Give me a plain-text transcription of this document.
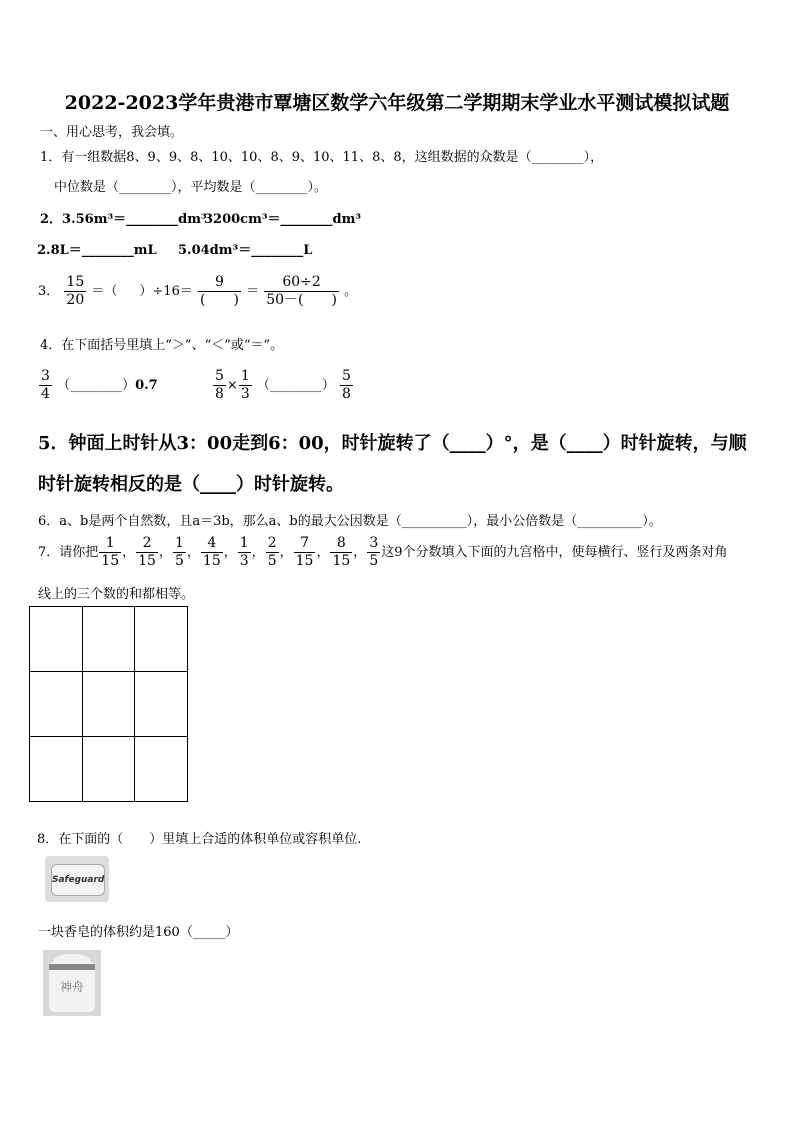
2022-2023学年贵港市覃塘区数学六年级第二学期期末学业水平测试模拟试题
一、用心思考，我会填。
1．有一组数据8、9、9、8、10、10、8、9、10、11、8、8，这组数据的众数是（________），
中位数是（________），平均数是（________）。
2．3.56m³＝________dm³
3200cm³＝________dm³
2.8L＝________mL 5.04dm³＝________L
3． $\frac{15}{20}$ ＝（ ）$\div 16= \frac{9}{( )} = \frac{60\div 2}{50-( )}$ 。
4．在下面括号里填上“＞”、“＜”或“＝”。
$\frac{3}{4}$ （________）0.7	$\frac{5}{8} \times \frac{1}{3}$ （________） $\frac{5}{8}$
5．钟面上时针从3：00走到6：00，时针旋转了（____）°，是（____）时针旋转，与顺
时针旋转相反的是（____）时针旋转。
6．a、b是两个自然数，且a＝3b，那么a、b的最大公因数是（__________），最小公倍数是（__________）。
7．请你把 $\frac{1}{15}$ ， $\frac{2}{15}$ ， $\frac{1}{5}$ ， $\frac{4}{15}$ ， $\frac{1}{3}$ ， $\frac{2}{5}$ ， $\frac{7}{15}$ ， $\frac{8}{15}$ ， $\frac{3}{5}$ 这9个分数填入下面的九宫格中，使每横行、竖行及两条对角
线上的三个数的和都相等。

8．在下面的（　　）里填上合适的体积单位或容积单位.
Safeguard
一块香皂的体积约是160（_____）
神舟
